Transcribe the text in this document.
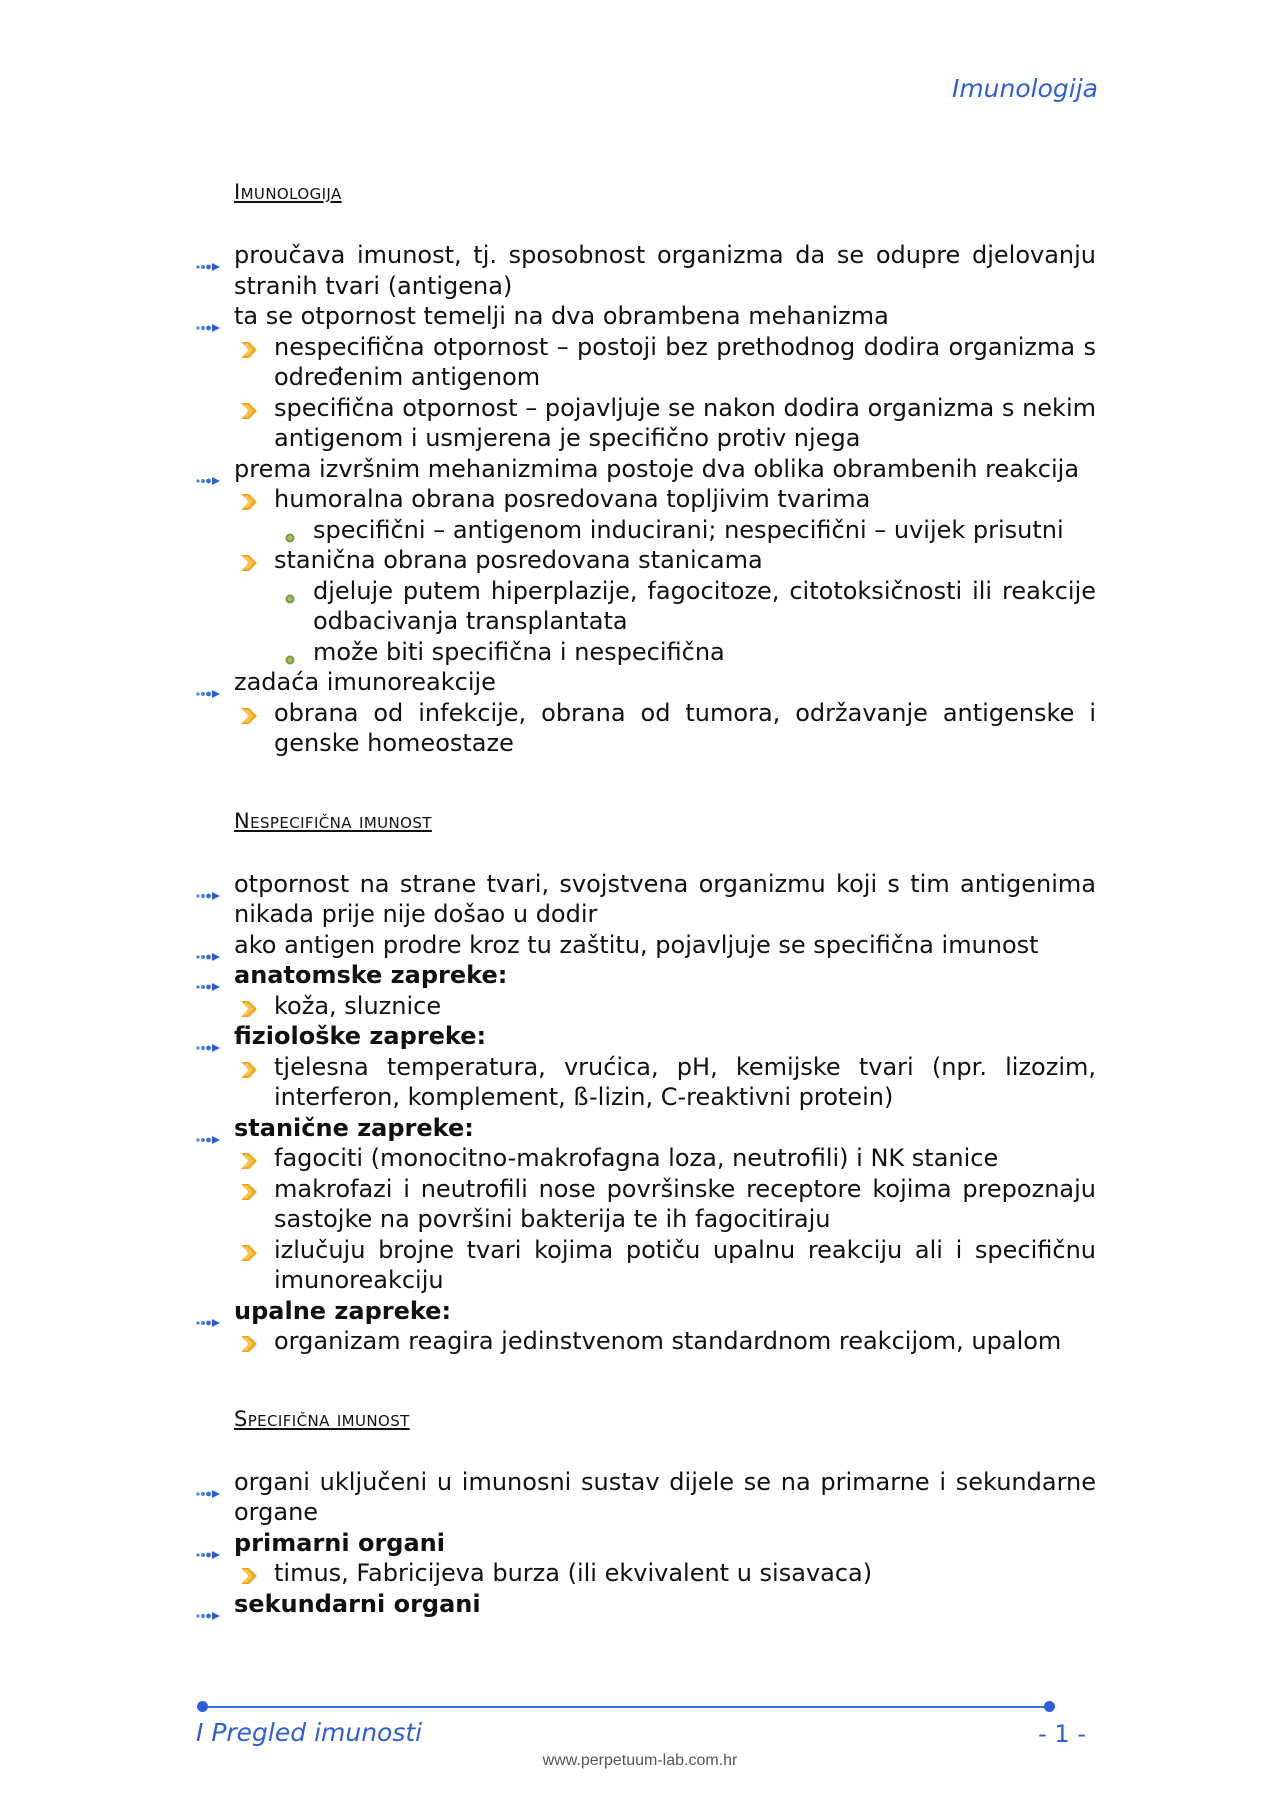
Imunologija
Imunologija
proučava imunost, tj. sposobnost organizma da se odupre djelovanju stranih tvari (antigena)
ta se otpornost temelji na dva obrambena mehanizma
nespecifična otpornost – postoji bez prethodnog dodira organizma s određenim antigenom
specifična otpornost – pojavljuje se nakon dodira organizma s nekim antigenom i usmjerena je specifično protiv njega
prema izvršnim mehanizmima postoje dva oblika obrambenih reakcija
humoralna obrana posredovana topljivim tvarima
specifični – antigenom inducirani; nespecifični – uvijek prisutni
stanična obrana posredovana stanicama
djeluje putem hiperplazije, fagocitoze, citotoksičnosti ili reakcije odbacivanja transplantata
može biti specifična i nespecifična
zadaća imunoreakcije
obrana od infekcije, obrana od tumora, održavanje antigenske i genske homeostaze
Nespecifična imunost
otpornost na strane tvari, svojstvena organizmu koji s tim antigenima nikada prije nije došao u dodir
ako antigen prodre kroz tu zaštitu, pojavljuje se specifična imunost
anatomske zapreke:
koža, sluznice
fiziološke zapreke:
tjelesna temperatura, vrućica, pH, kemijske tvari (npr. lizozim, interferon, komplement, ß-lizin, C-reaktivni protein)
stanične zapreke:
fagociti (monocitno-makrofagna loza, neutrofili) i NK stanice
makrofazi i neutrofili nose površinske receptore kojima prepoznaju sastojke na površini bakterija te ih fagocitiraju
izlučuju brojne tvari kojima potiču upalnu reakciju ali i specifičnu imunoreakciju
upalne zapreke:
organizam reagira jedinstvenom standardnom reakcijom, upalom
Specifična imunost
organi uključeni u imunosni sustav dijele se na primarne i sekundarne organe
primarni organi
timus, Fabricijeva burza (ili ekvivalent u sisavaca)
sekundarni organi
I Pregled imunosti	- 1 -
www.perpetuum-lab.com.hr
